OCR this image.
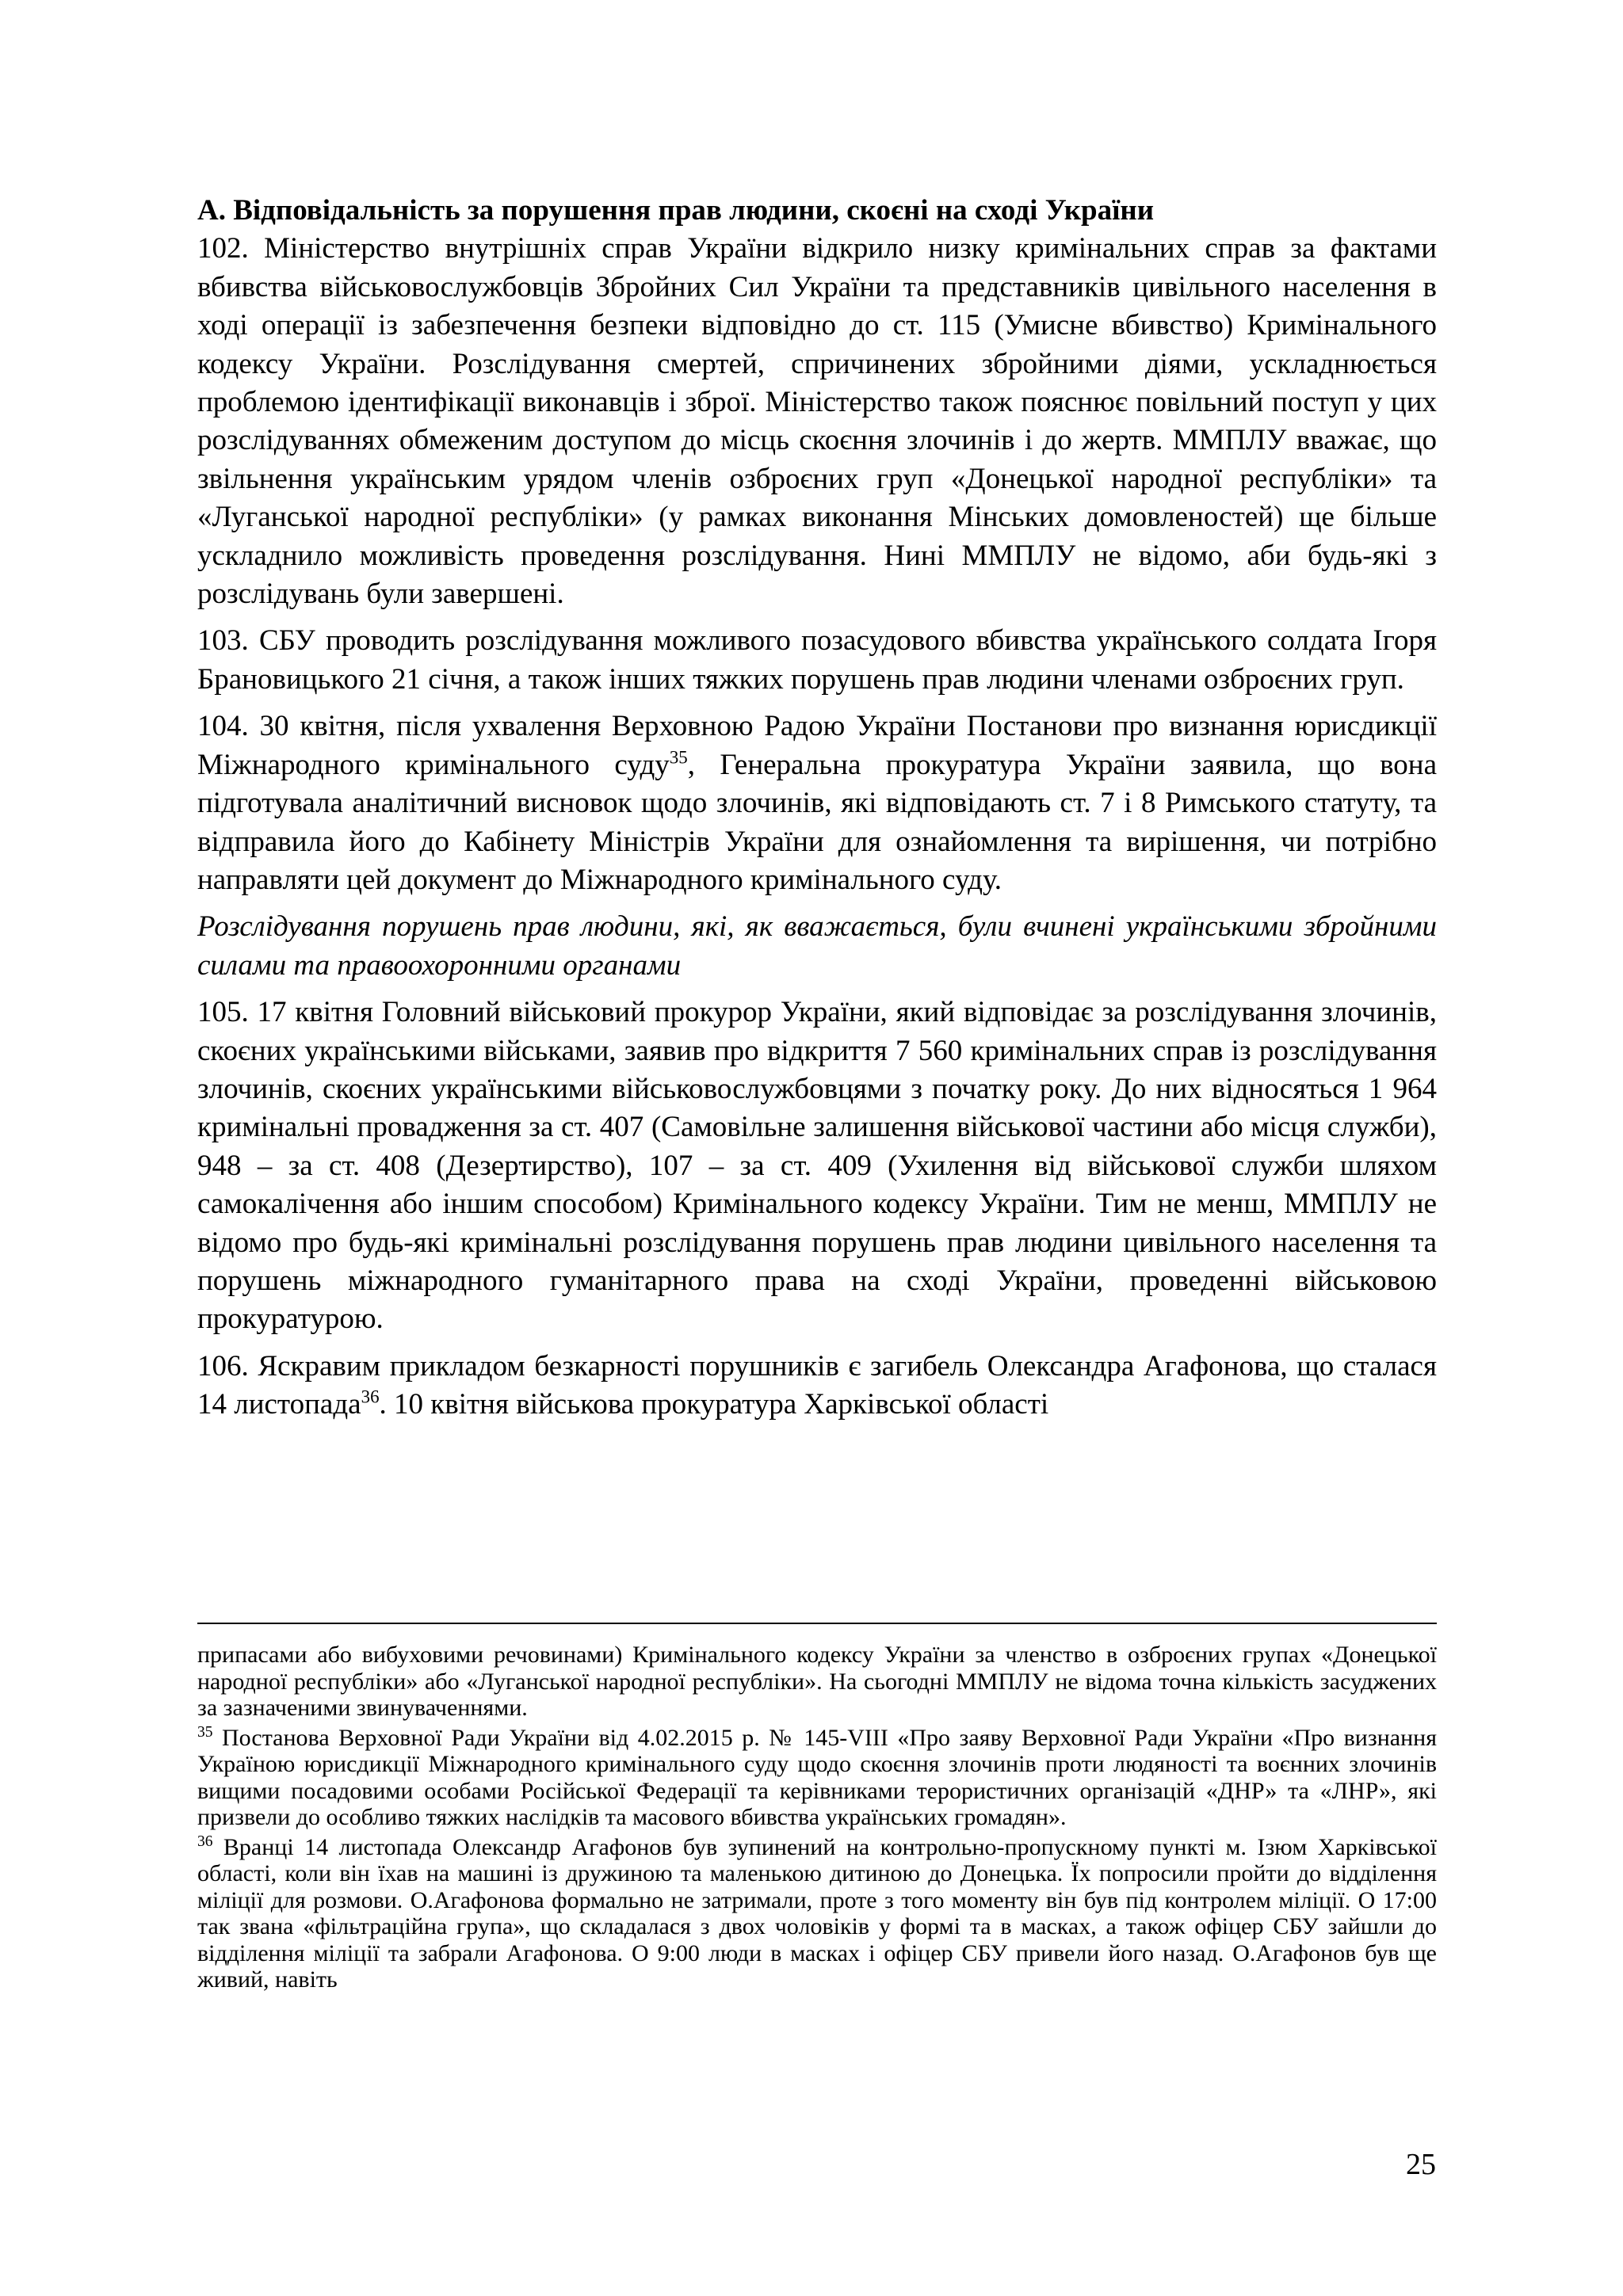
A. Відповідальність за порушення прав людини, скоєні на сході України

102. Міністерство внутрішніх справ України відкрило низку кримінальних справ за фактами вбивства військовослужбовців Збройних Сил України та представників цивільного населення в ході операції із забезпечення безпеки відповідно до ст. 115 (Умисне вбивство) Кримінального кодексу України. Розслідування смертей, спричинених збройними діями, ускладнюється проблемою ідентифікації виконавців і зброї. Міністерство також пояснює повільний поступ у цих розслідуваннях обмеженим доступом до місць скоєння злочинів і до жертв. ММПЛУ вважає, що звільнення українським урядом членів озброєних груп «Донецької народної республіки» та «Луганської народної республіки» (у рамках виконання Мінських домовленостей) ще більше ускладнило можливість проведення розслідування. Нині ММПЛУ не відомо, аби будь-які з розслідувань були завершені.

103. СБУ проводить розслідування можливого позасудового вбивства українського солдата Ігоря Брановицького 21 січня, а також інших тяжких порушень прав людини членами озброєних груп.

104. 30 квітня, після ухвалення Верховною Радою України Постанови про визнання юрисдикції Міжнародного кримінального суду$^{35}$, Генеральна прокуратура України заявила, що вона підготувала аналітичний висновок щодо злочинів, які відповідають ст. 7 і 8 Римського статуту, та відправила його до Кабінету Міністрів України для ознайомлення та вирішення, чи потрібно направляти цей документ до Міжнародного кримінального суду.

Розслідування порушень прав людини, які, як вважається, були вчинені українськими збройними силами та правоохоронними органами

105. 17 квітня Головний військовий прокурор України, який відповідає за розслідування злочинів, скоєних українськими військами, заявив про відкриття 7 560 кримінальних справ із розслідування злочинів, скоєних українськими військовослужбовцями з початку року. До них відносяться 1 964 кримінальні провадження за ст. 407 (Самовільне залишення військової частини або місця служби), 948 – за ст. 408 (Дезертирство), 107 – за ст. 409 (Ухилення від військової служби шляхом самокалічення або іншим способом) Кримінального кодексу України. Тим не менш, ММПЛУ не відомо про будь-які кримінальні розслідування порушень прав людини цивільного населення та порушень міжнародного гуманітарного права на сході України, проведенні військовою прокуратурою.

106. Яскравим прикладом безкарності порушників є загибель Олександра Агафонова, що сталася 14 листопада$^{36}$. 10 квітня військова прокуратура Харківської області

припасами або вибуховими речовинами) Кримінального кодексу України за членство в озброєних групах «Донецької народної республіки» або «Луганської народної республіки». На сьогодні ММПЛУ не відома точна кількість засуджених за зазначеними звинуваченнями.

$^{35}$ Постанова Верховної Ради України від 4.02.2015 р. № 145-VIII «Про заяву Верховної Ради України «Про визнання Україною юрисдикції Міжнародного кримінального суду щодо скоєння злочинів проти людяності та воєнних злочинів вищими посадовими особами Російської Федерації та керівниками терористичних організацій «ДНР» та «ЛНР», які призвели до особливо тяжких наслідків та масового вбивства українських громадян».

$^{36}$ Вранці 14 листопада Олександр Агафонов був зупинений на контрольно-пропускному пункті м. Ізюм Харківської області, коли він їхав на машині із дружиною та маленькою дитиною до Донецька. Їх попросили пройти до відділення міліції для розмови. О.Агафонова формально не затримали, проте з того моменту він був під контролем міліції. О 17:00 так звана «фільтраційна група», що складалася з двох чоловіків у формі та в масках, а також офіцер СБУ зайшли до відділення міліції та забрали Агафонова. О 9:00 люди в масках і офіцер СБУ привели його назад. О.Агафонов був ще живий, навіть

25
